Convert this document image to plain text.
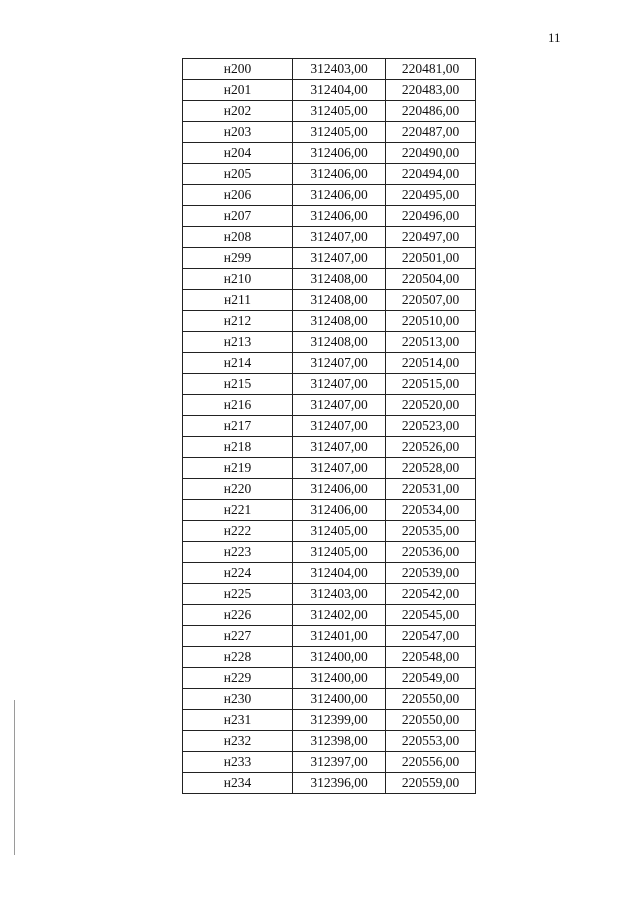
11
н200	312403,00	220481,00
н201	312404,00	220483,00
н202	312405,00	220486,00
н203	312405,00	220487,00
н204	312406,00	220490,00
н205	312406,00	220494,00
н206	312406,00	220495,00
н207	312406,00	220496,00
н208	312407,00	220497,00
н299	312407,00	220501,00
н210	312408,00	220504,00
н211	312408,00	220507,00
н212	312408,00	220510,00
н213	312408,00	220513,00
н214	312407,00	220514,00
н215	312407,00	220515,00
н216	312407,00	220520,00
н217	312407,00	220523,00
н218	312407,00	220526,00
н219	312407,00	220528,00
н220	312406,00	220531,00
н221	312406,00	220534,00
н222	312405,00	220535,00
н223	312405,00	220536,00
н224	312404,00	220539,00
н225	312403,00	220542,00
н226	312402,00	220545,00
н227	312401,00	220547,00
н228	312400,00	220548,00
н229	312400,00	220549,00
н230	312400,00	220550,00
н231	312399,00	220550,00
н232	312398,00	220553,00
н233	312397,00	220556,00
н234	312396,00	220559,00
